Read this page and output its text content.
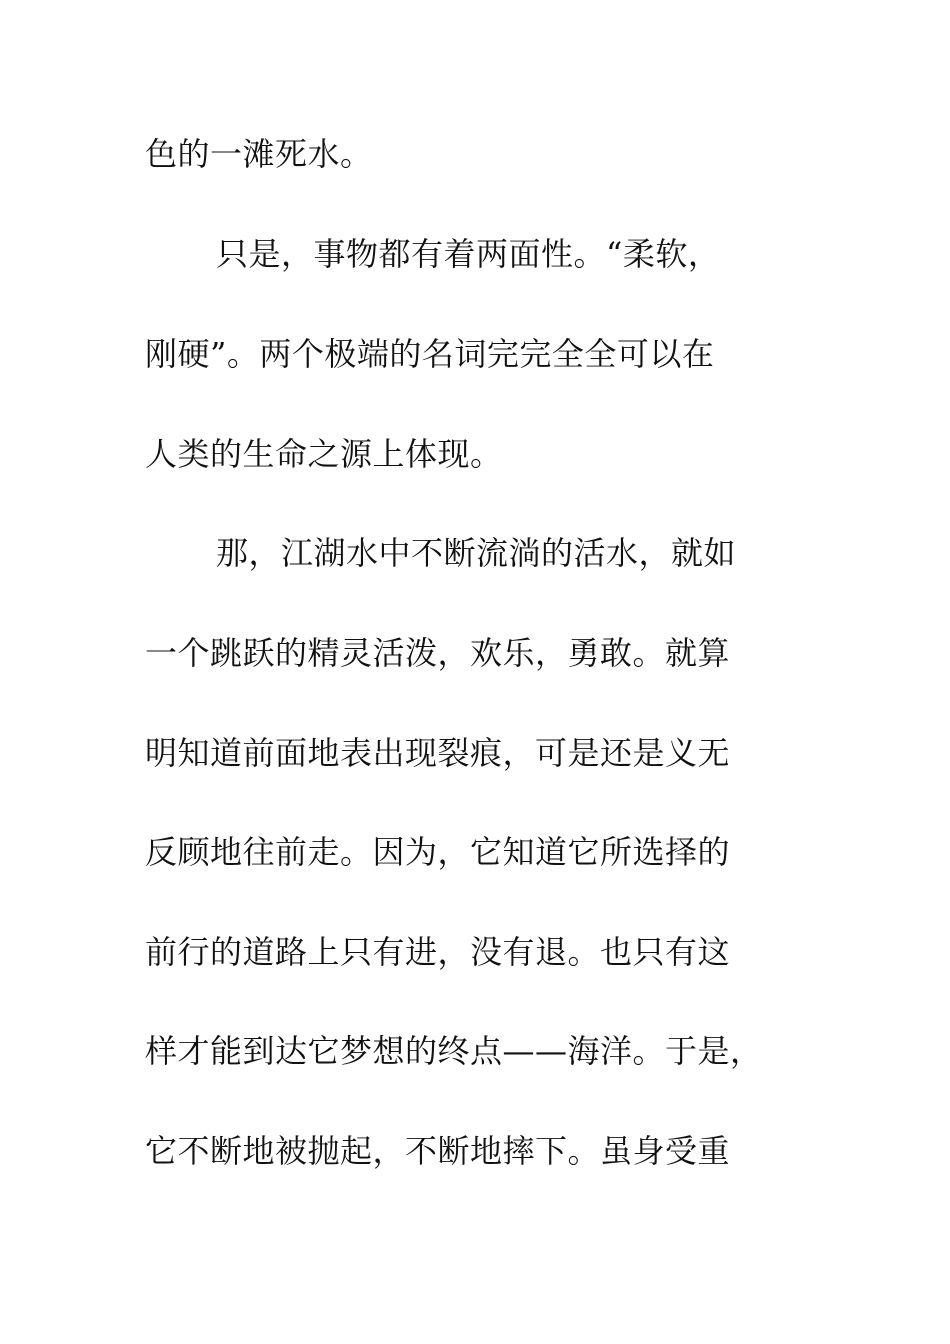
色的一滩死水。
只是，事物都有着两面性。“柔软，
刚硬”。两个极端的名词完完全全可以在
人类的生命之源上体现。
那，江湖水中不断流淌的活水，就如
一个跳跃的精灵活泼，欢乐，勇敢。就算
明知道前面地表出现裂痕，可是还是义无
反顾地往前走。因为，它知道它所选择的
前行的道路上只有进，没有退。也只有这
样才能到达它梦想的终点——海洋。于是，
它不断地被抛起，不断地摔下。虽身受重
